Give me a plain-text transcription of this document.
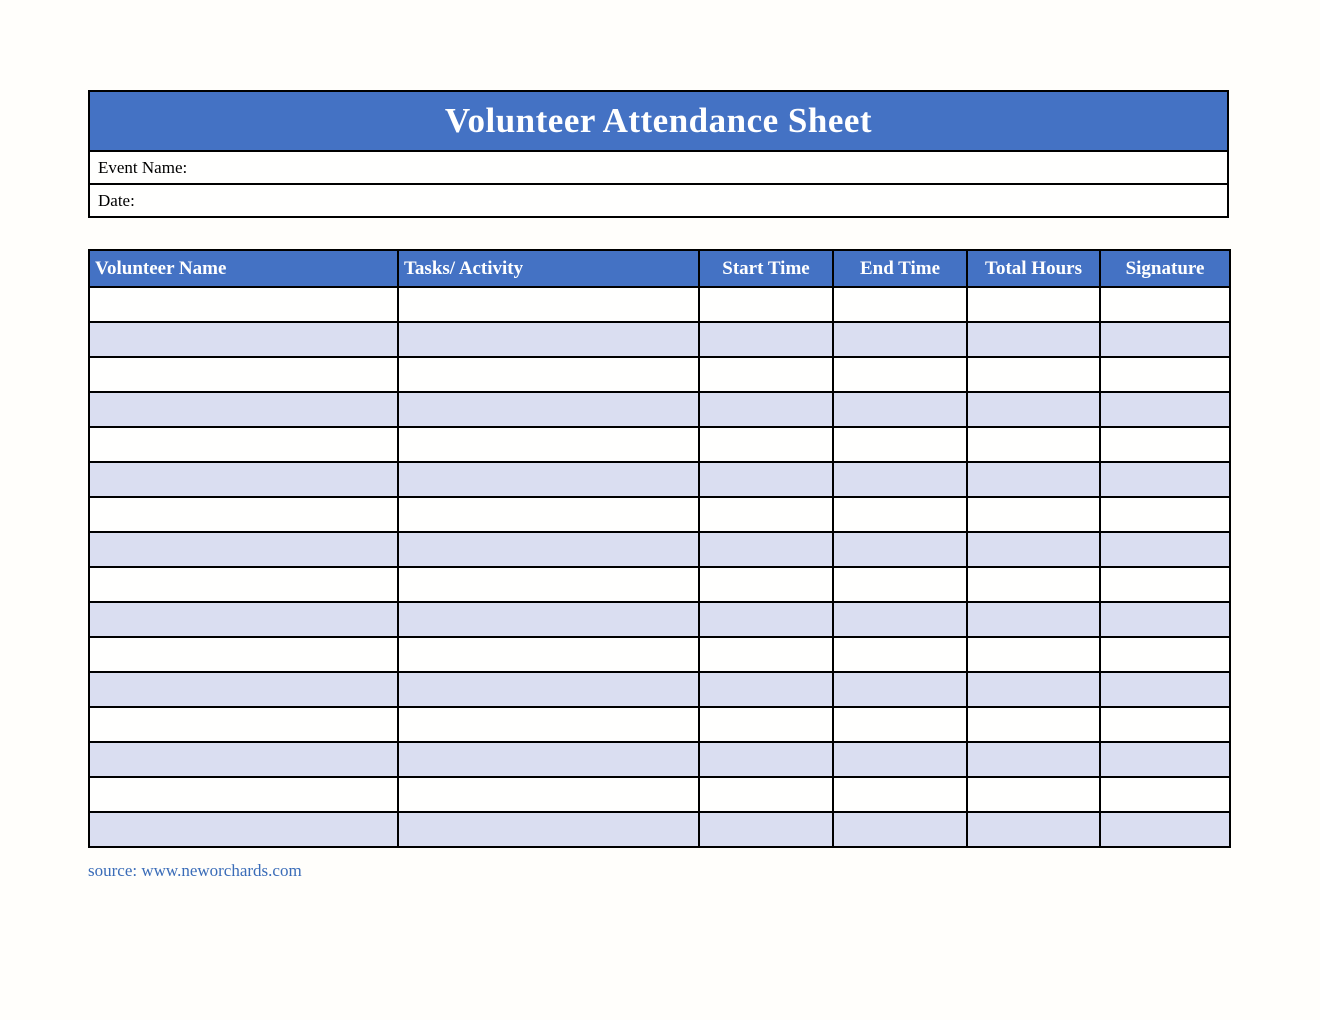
Volunteer Attendance Sheet
Event Name:
Date:
Volunteer Name	Tasks/ Activity	Start Time	End Time	Total Hours	Signature

source: www.neworchards.com
